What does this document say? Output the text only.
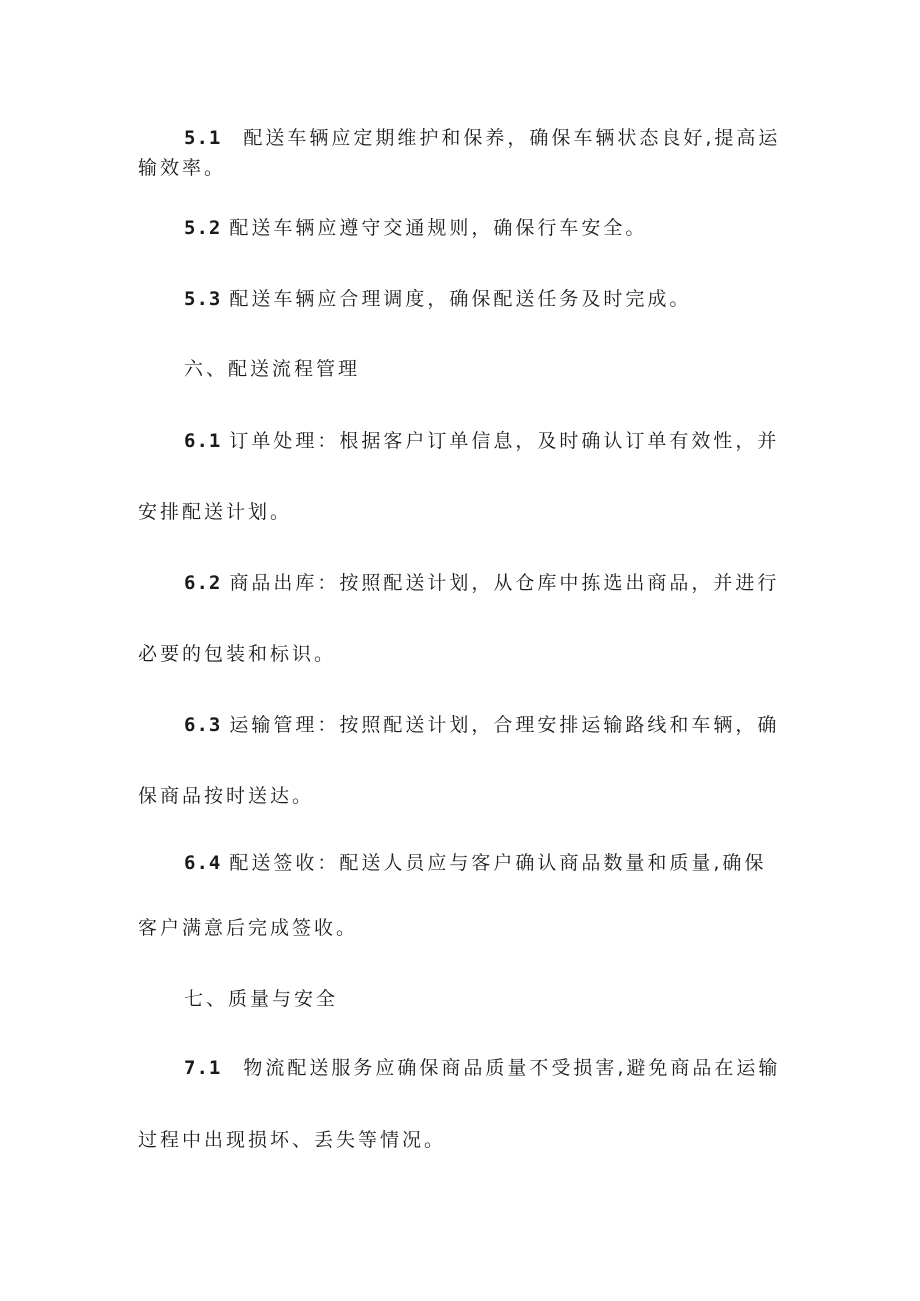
5.1 配送车辆应定期维护和保养，确保车辆状态良好,提高运

输效率。

5.2 配送车辆应遵守交通规则，确保行车安全。

5.3 配送车辆应合理调度，确保配送任务及时完成。

六、配送流程管理

6.1 订单处理：根据客户订单信息，及时确认订单有效性，并

安排配送计划。

6.2 商品出库：按照配送计划，从仓库中拣选出商品，并进行

必要的包装和标识。

6.3 运输管理：按照配送计划，合理安排运输路线和车辆，确

保商品按时送达。

6.4 配送签收：配送人员应与客户确认商品数量和质量,确保

客户满意后完成签收。

七、质量与安全

7.1 物流配送服务应确保商品质量不受损害,避免商品在运输

过程中出现损坏、丢失等情况。
